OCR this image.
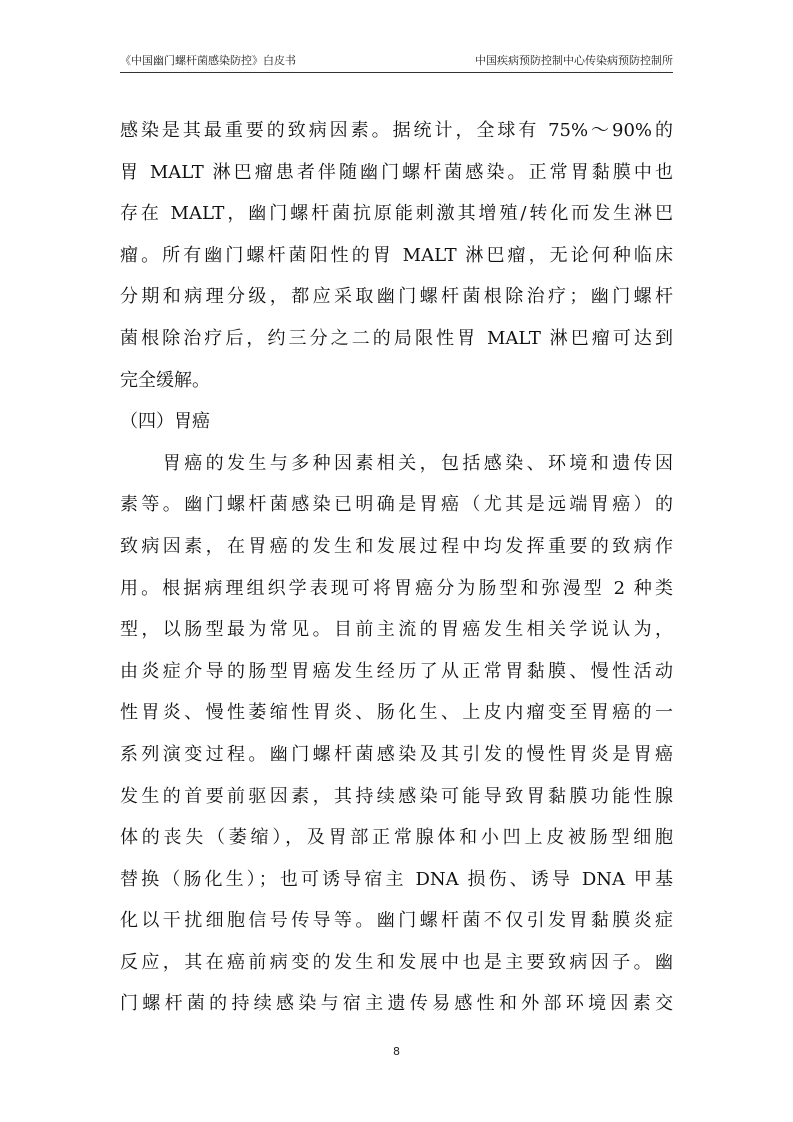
《中国幽门螺杆菌感染防控》白皮书	中国疾病预防控制中心传染病预防控制所
感染是其最重要的致病因素。据统计，全球有 75%～90%的
胃 MALT 淋巴瘤患者伴随幽门螺杆菌感染。正常胃黏膜中也
存在 MALT，幽门螺杆菌抗原能刺激其增殖/转化而发生淋巴
瘤。所有幽门螺杆菌阳性的胃 MALT 淋巴瘤，无论何种临床
分期和病理分级，都应采取幽门螺杆菌根除治疗；幽门螺杆
菌根除治疗后，约三分之二的局限性胃 MALT 淋巴瘤可达到
完全缓解。
（四）胃癌
　　胃癌的发生与多种因素相关，包括感染、环境和遗传因
素等。幽门螺杆菌感染已明确是胃癌（尤其是远端胃癌）的
致病因素，在胃癌的发生和发展过程中均发挥重要的致病作
用。根据病理组织学表现可将胃癌分为肠型和弥漫型 2 种类
型，以肠型最为常见。目前主流的胃癌发生相关学说认为，
由炎症介导的肠型胃癌发生经历了从正常胃黏膜、慢性活动
性胃炎、慢性萎缩性胃炎、肠化生、上皮内瘤变至胃癌的一
系列演变过程。幽门螺杆菌感染及其引发的慢性胃炎是胃癌
发生的首要前驱因素，其持续感染可能导致胃黏膜功能性腺
体的丧失（萎缩），及胃部正常腺体和小凹上皮被肠型细胞
替换（肠化生）；也可诱导宿主 DNA 损伤、诱导 DNA 甲基
化以干扰细胞信号传导等。幽门螺杆菌不仅引发胃黏膜炎症
反应，其在癌前病变的发生和发展中也是主要致病因子。幽
门螺杆菌的持续感染与宿主遗传易感性和外部环境因素交
8
